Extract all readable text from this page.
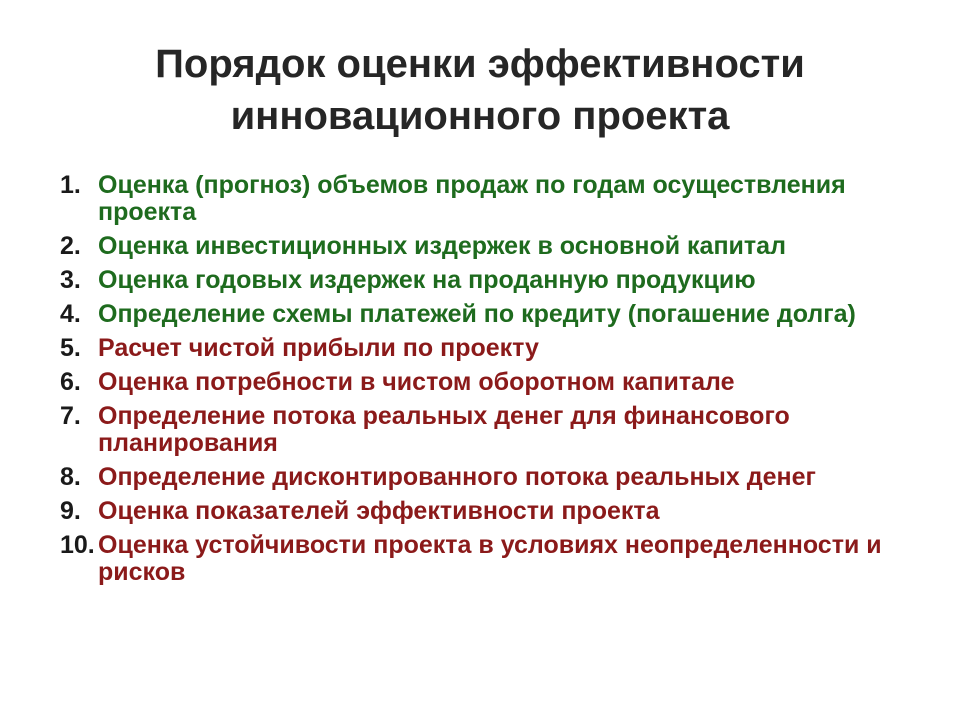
Порядок оценки эффективности
инновационного проекта
1. Оценка (прогноз) объемов продаж по годам осуществления проекта
2. Оценка инвестиционных издержек в основной капитал
3. Оценка годовых издержек на проданную продукцию
4. Определение схемы платежей по кредиту (погашение долга)
5. Расчет чистой прибыли по проекту
6. Оценка потребности в чистом оборотном капитале
7. Определение потока реальных денег для финансового планирования
8. Определение дисконтированного потока реальных денег
9. Оценка показателей эффективности проекта
10. Оценка устойчивости проекта в условиях неопределенности и рисков
